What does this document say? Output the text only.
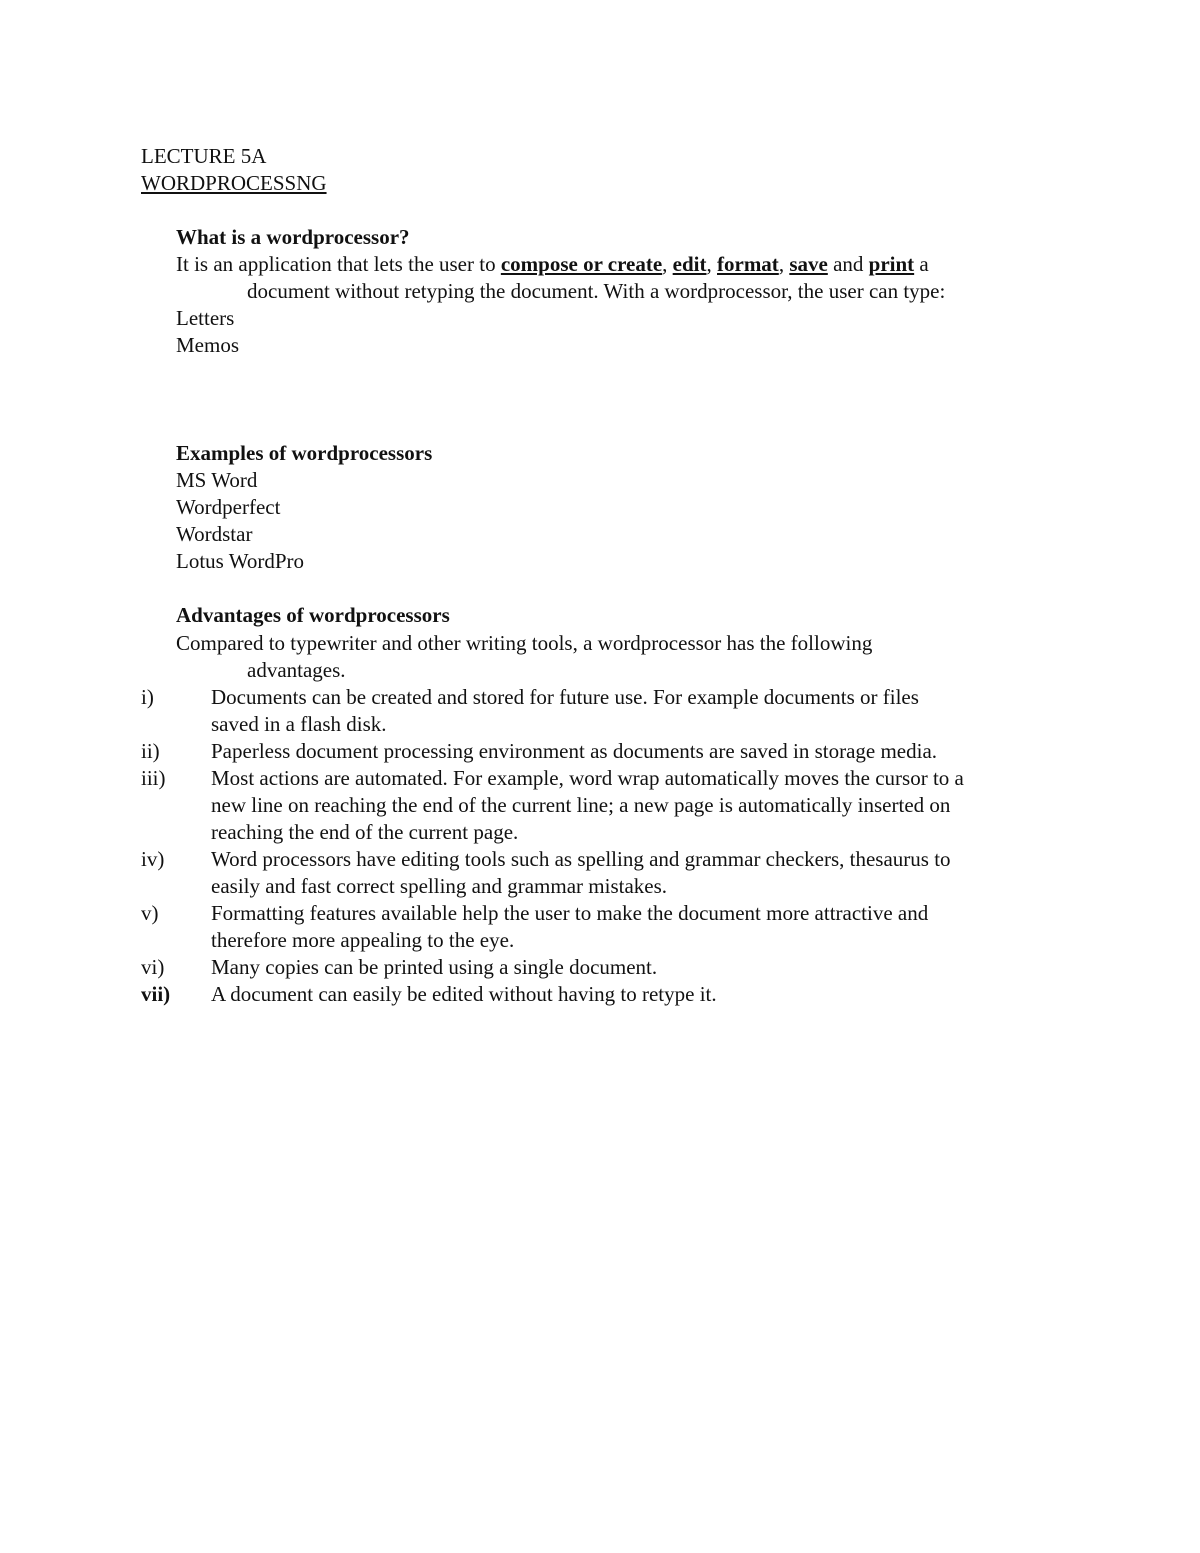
LECTURE 5A
WORDPROCESSNG
What is a wordprocessor?
It is an application that lets the user to compose or create, edit, format, save and print a
document without retyping the document. With a wordprocessor, the user can type:
Letters
Memos
Examples of wordprocessors
MS Word
Wordperfect
Wordstar
Lotus WordPro
Advantages of wordprocessors
Compared to typewriter and other writing tools, a wordprocessor has the following
advantages.
i)	Documents can be created and stored for future use. For example documents or files
saved in a flash disk.
ii) Paperless document processing environment as documents are saved in storage media.
iii) Most actions are automated. For example, word wrap automatically moves the cursor to a
new line on reaching the end of the current line; a new page is automatically inserted on
reaching the end of the current page.
iv) Word processors have editing tools such as spelling and grammar checkers, thesaurus to
easily and fast correct spelling and grammar mistakes.
v)	Formatting features available help the user to make the document more attractive and
therefore more appealing to the eye.
vi) Many copies can be printed using a single document.
vii) A document can easily be edited without having to retype it.
